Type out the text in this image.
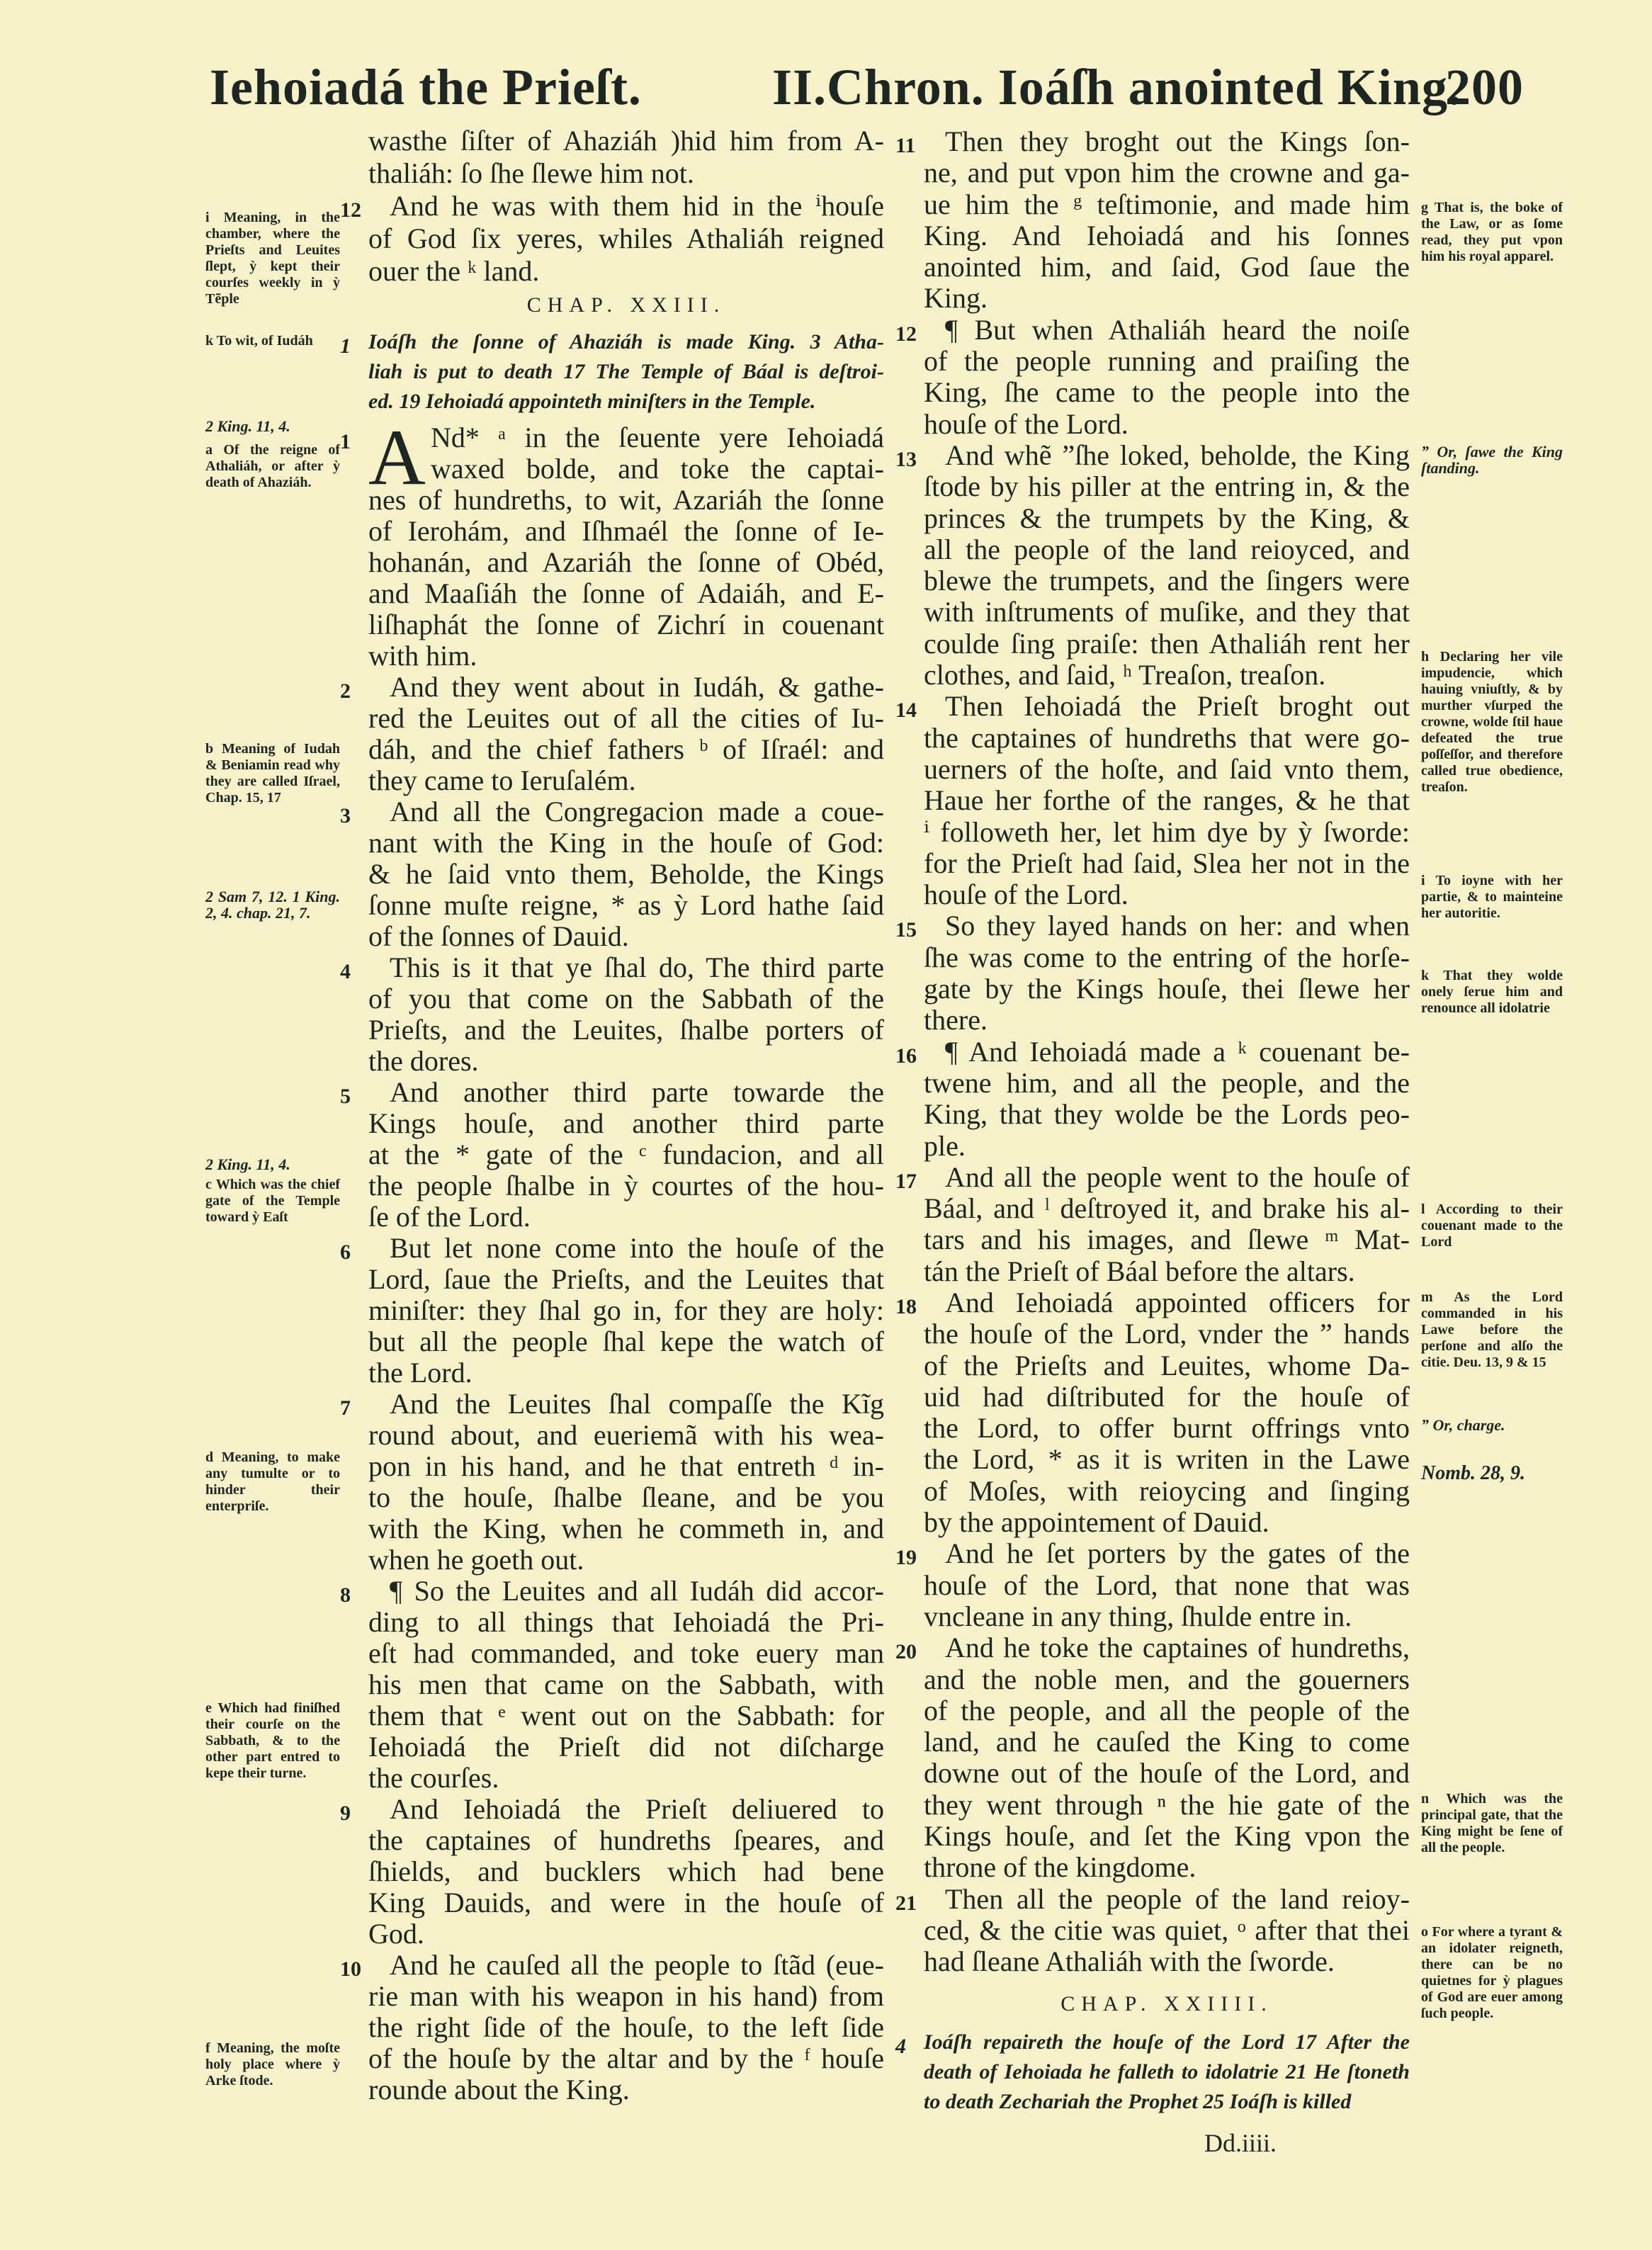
Iehoiadá the Prieſt.	II.Chron. Ioáſh anointed King.
200
wasthe ſiſter of Ahaziáh )hid him from A-
thaliáh: ſo ſhe ſlewe him not.
12	And he was with them hid in the ⁱhouſe
of God ſix yeres, whiles Athaliáh reigned
ouer the ᵏ land.
CHAP. XXIII.
1 Ioáſh the ſonne of Ahaziáh is made King. 3 Atha-
liah is put to death 17 The Temple of Báal is deſtroi-
ed. 19 Iehoiadá appointeth miniſters in the Temple.
1 A Nd* ᵃ in the ſeuente yere Iehoiadá
waxed bolde, and toke the captai-
nes of hundreths, to wit, Azariáh the ſonne
of Ierohám, and Iſhmaél the ſonne of Ie-
hohanán, and Azariáh the ſonne of Obéd,
and Maaſiáh the ſonne of Adaiáh, and E-
liſhaphát the ſonne of Zichrí in couenant
with him.
2	And they went about in Iudáh, & gathe-
red the Leuites out of all the cities of Iu-
dáh, and the chief fathers ᵇ of Iſraél: and
they came to Ieruſalém.
3	And all the Congregacion made a coue-
nant with the King in the houſe of God:
& he ſaid vnto them, Beholde, the Kings
ſonne muſte reigne, * as ỳ Lord hathe ſaid
of the ſonnes of Dauid.
4	This is it that ye ſhal do, The third parte
of you that come on the Sabbath of the
Prieſts, and the Leuites, ſhalbe porters of
the dores.
5	And another third parte towarde the
Kings houſe, and another third parte
at the * gate of the ᶜ fundacion, and all
the people ſhalbe in ỳ courtes of the hou-
ſe of the Lord.
6	But let none come into the houſe of the
Lord, ſaue the Prieſts, and the Leuites that
miniſter: they ſhal go in, for they are holy:
but all the people ſhal kepe the watch of
the Lord.
7	And the Leuites ſhal compaſſe the Kĩg
round about, and eueriemã with his wea-
pon in his hand, and he that entreth ᵈ in-
to the houſe, ſhalbe ſleane, and be you
with the King, when he commeth in, and
when he goeth out.
8	¶ So the Leuites and all Iudáh did accor-
ding to all things that Iehoiadá the Pri-
eſt had commanded, and toke euery man
his men that came on the Sabbath, with
them that ᵉ went out on the Sabbath: for
Iehoiadá the Prieſt did not diſcharge
the courſes.
9	And Iehoiadá the Prieſt deliuered to
the captaines of hundreths ſpeares, and
ſhields, and bucklers which had bene
King Dauids, and were in the houſe of
God.
10	And he cauſed all the people to ſtãd (eue-
rie man with his weapon in his hand) from
the right ſide of the houſe, to the left ſide
of the houſe by the altar and by the ᶠ houſe
rounde about the King.
11	Then they broght out the Kings ſon-
ne, and put vpon him the crowne and ga-
ue him the ᵍ teſtimonie, and made him
King. And Iehoiadá and his ſonnes
anointed him, and ſaid, God ſaue the
King.
12	¶ But when Athaliáh heard the noiſe
of the people running and praiſing the
King, ſhe came to the people into the
houſe of the Lord.
13	And whẽ ˮſhe loked, beholde, the King
ſtode by his piller at the entring in, & the
princes & the trumpets by the King, &
all the people of the land reioyced, and
blewe the trumpets, and the ſingers were
with inſtruments of muſike, and they that
coulde ſing praiſe: then Athaliáh rent her
clothes, and ſaid, ʰ Treaſon, treaſon.
14	Then Iehoiadá the Prieſt broght out
the captaines of hundreths that were go-
uerners of the hoſte, and ſaid vnto them,
Haue her forthe of the ranges, & he that
ⁱ followeth her, let him dye by ỳ ſworde:
for the Prieſt had ſaid, Slea her not in the
houſe of the Lord.
15	So they layed hands on her: and when
ſhe was come to the entring of the horſe-
gate by the Kings houſe, thei ſlewe her
there.
16	¶ And Iehoiadá made a ᵏ couenant be-
twene him, and all the people, and the
King, that they wolde be the Lords peo-
ple.
17	And all the people went to the houſe of
Báal, and ˡ deſtroyed it, and brake his al-
tars and his images, and ſlewe ᵐ Mat-
tán the Prieſt of Báal before the altars.
18	And Iehoiadá appointed officers for
the houſe of the Lord, vnder the ˮ hands
of the Prieſts and Leuites, whome Da-
uid had diſtributed for the houſe of
the Lord, to offer burnt offrings vnto
the Lord, * as it is writen in the Lawe
of Moſes, with reioycing and ſinging
by the appointement of Dauid.
19	And he ſet porters by the gates of the
houſe of the Lord, that none that was
vncleane in any thing, ſhulde entre in.
20	And he toke the captaines of hundreths,
and the noble men, and the gouerners
of the people, and all the people of the
land, and he cauſed the King to come
downe out of the houſe of the Lord, and
they went through ⁿ the hie gate of the
Kings houſe, and ſet the King vpon the
throne of the kingdome.
21	Then all the people of the land reioy-
ced, & the citie was quiet, ᵒ after that thei
had ſleane Athaliáh with the ſworde.
CHAP. XXIIII.
4 Ioáſh repaireth the houſe of the Lord 17 After the
death of Iehoiada he falleth to idolatrie 21 He ſtoneth
to death Zechariah the Prophet 25 Ioáſh is killed
Dd.iiii.
i Meaning, in the chamber, where the Prieſts and Leuites ſlept, ỳ kept their courſes weekly in ỳ Tẽple
k To wit, of Iudáh
2 King. 11, 4.
a Of the reigne of Athaliáh, or after ỳ death of Ahaziáh.
b Meaning of Iudah & Beniamin read why they are called Iſrael, Chap. 15, 17
2 Sam 7, 12. 1 King. 2, 4. chap. 21, 7.
2 King. 11, 4.
c Which was the chief gate of the Temple toward ỳ Eaſt
d Meaning, to make any tumulte or to hinder their enterpriſe.
e Which had finiſhed their courſe on the Sabbath, & to the other part entred to kepe their turne.
f Meaning, the moſte holy place where ỳ Arke ſtode.
g That is, the boke of the Law, or as ſome read, they put vpon him his royal apparel.
ˮ Or, ſawe the King ſtanding.
h Declaring her vile impudencie, which hauing vniuſtly, & by murther vſurped the crowne, wolde ſtil haue defeated the true poſſeſſor, and therefore called true obedience, treaſon.
i To ioyne with her partie, & to mainteine her autoritie.
k That they wolde onely ſerue him and renounce all idolatrie
l According to their couenant made to the Lord
m As the Lord commanded in his Lawe before the perſone and alſo the citie. Deu. 13, 9 & 15
ˮ Or, charge.
Nomb. 28, 9.
n Which was the principal gate, that the King might be ſene of all the people.
o For where a tyrant & an idolater reigneth, there can be no quietnes for ỳ plagues of God are euer among ſuch people.
